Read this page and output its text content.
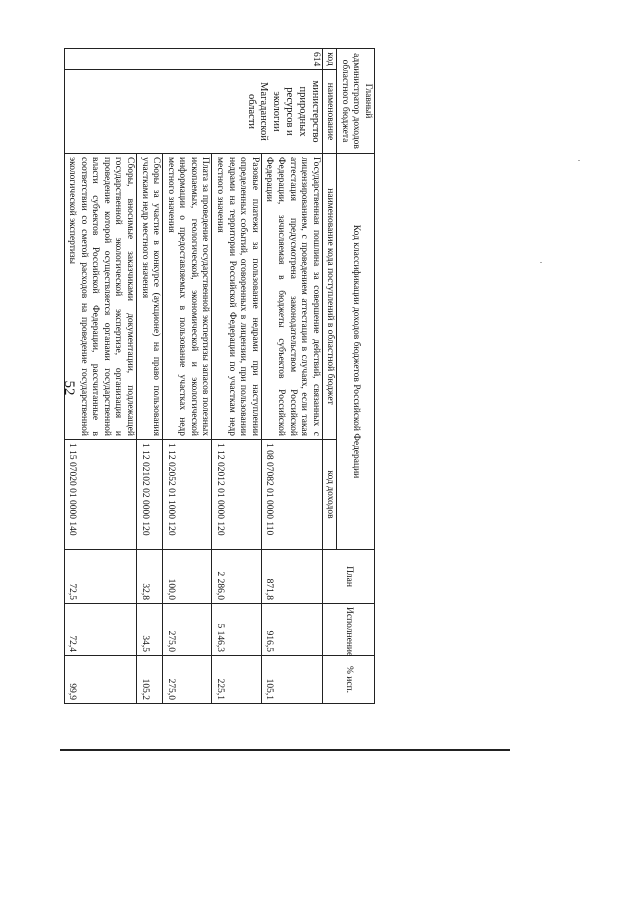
52
Главный администратор доходов областного бюджета		Код классификации доходов бюджетов Российской Федерации		План	Исполнение	% исп.
код	наименование	наименование кода поступлений в областной бюджет	код доходов			
614	министерство природных ресурсов и экологии Магаданской области	Государственная пошлина за совершение действий, связанных с лицензированием, с проведением аттестации в случаях, если такая аттестация предусмотрена законодательством Российской Федерации, зачисляемая в бюджеты субъектов Российской Федерации	1 08 07082 01 0000 110	871,8	916,5	105,1
		Разовые платежи за пользование недрами при наступлении определенных событий, оговоренных в лицензии, при пользовании недрами на территории Российской Федерации по участкам недр местного значения	1 12 02012 01 0000 120	2 286,0	5 146,3	225,1
		Плата за проведение государственной экспертизы запасов полезных ископаемых, геологической, экономической и экологической информации о предоставляемых в пользование участках недр местного значения	1 12 02052 01 1000 120	100,0	275,0	275,0
		Сборы за участие в конкурсе (аукционе) на право пользования участками недр местного значения	1 12 02102 02 0000 120	32,8	34,5	105,2
		Сборы, вносимые заказчиками документации, подлежащей государственной экологической экспертизе, организация и проведение которой осуществляется органами государственной власти субъектов Российской Федерации, рассчитанные в соответствии со сметой расходов на проведение государственной экологической экспертизы	1 15 07020 01 0000 140	72,5	72,4	99,9
